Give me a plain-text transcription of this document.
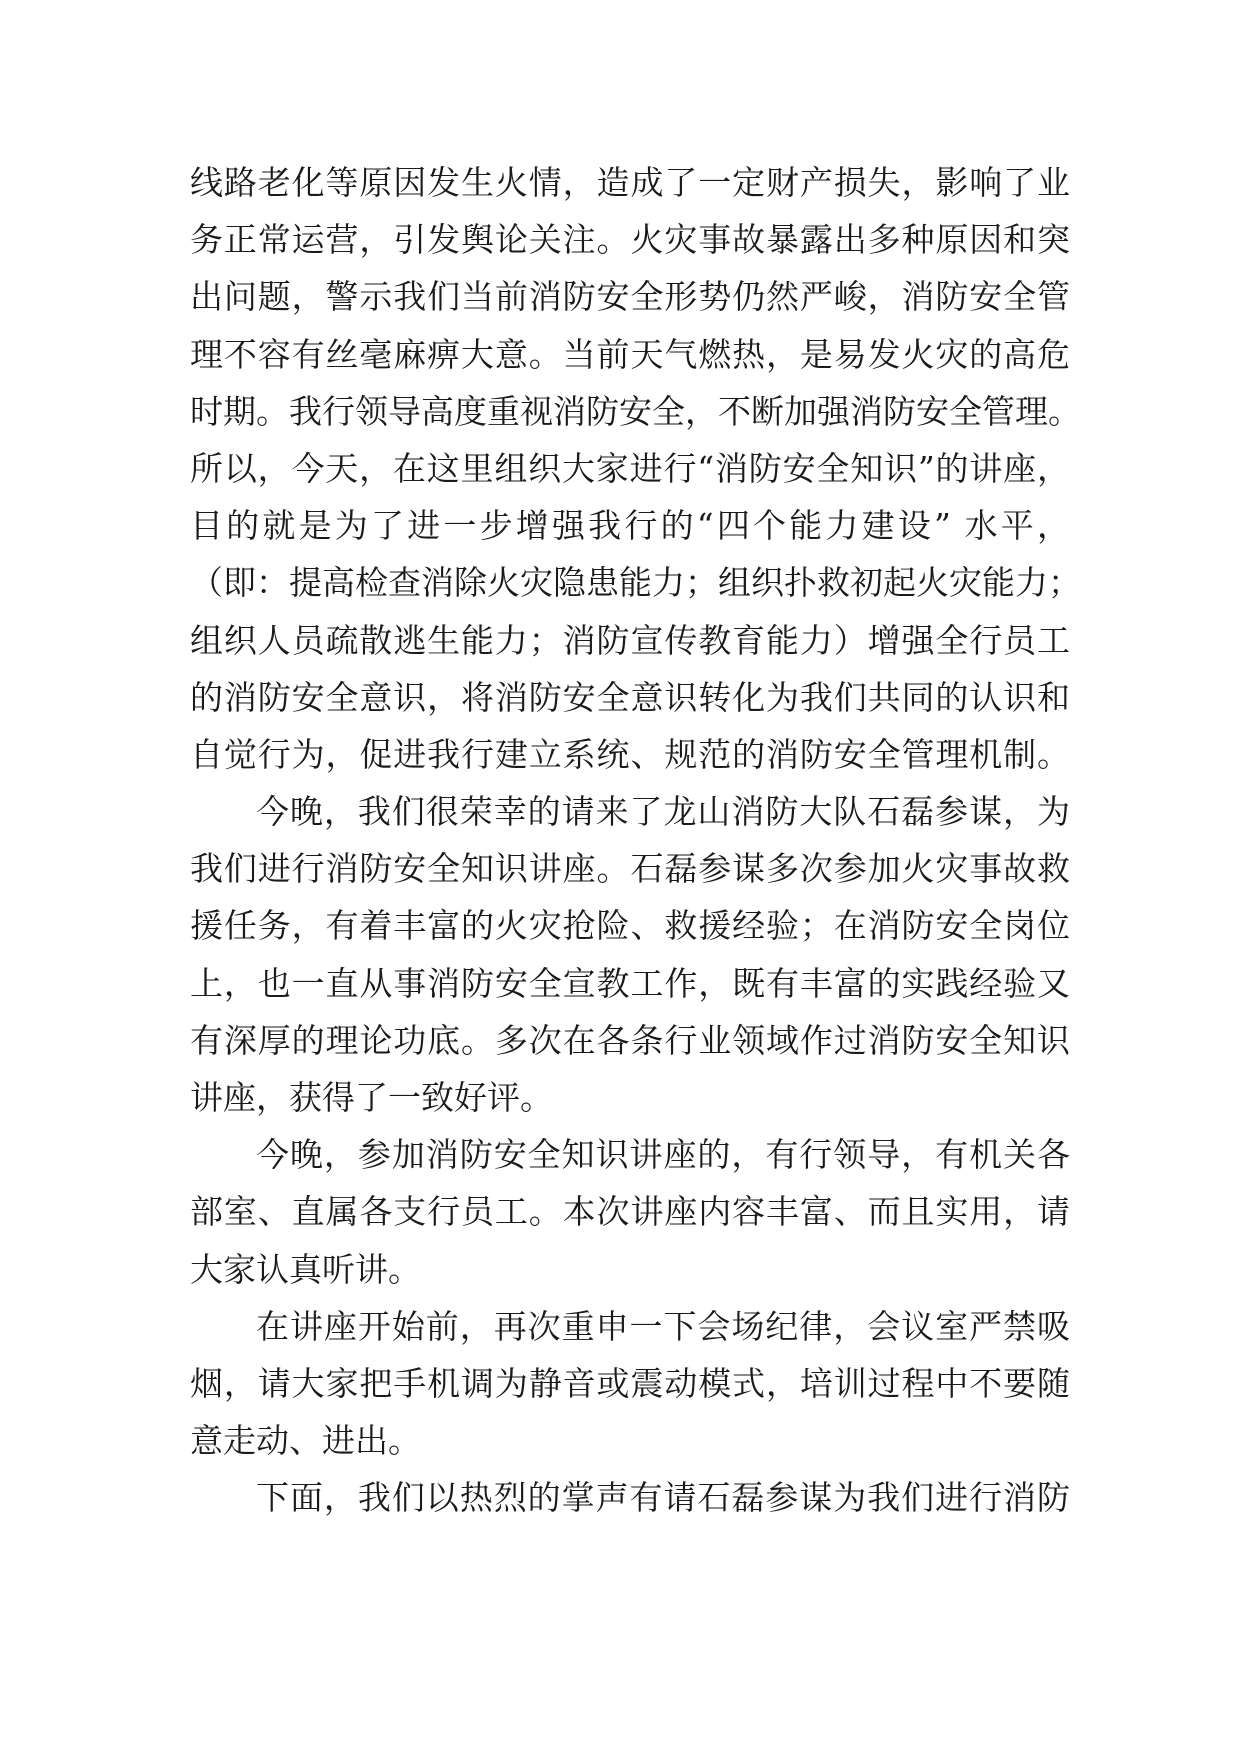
线路老化等原因发生火情，造成了一定财产损失，影响了业
务正常运营，引发舆论关注。火灾事故暴露出多种原因和突
出问题，警示我们当前消防安全形势仍然严峻，消防安全管
理不容有丝毫麻痹大意。当前天气燃热，是易发火灾的高危
时期。我行领导高度重视消防安全，不断加强消防安全管理。
所以，今天，在这里组织大家进行“消防安全知识”的讲座，
目的就是为了进一步增强我行的“四个能力建设” 水平，
（即：提高检查消除火灾隐患能力；组织扑救初起火灾能力；
组织人员疏散逃生能力；消防宣传教育能力）增强全行员工
的消防安全意识，将消防安全意识转化为我们共同的认识和
自觉行为，促进我行建立系统、规范的消防安全管理机制。
今晚，我们很荣幸的请来了龙山消防大队石磊参谋，为
我们进行消防安全知识讲座。石磊参谋多次参加火灾事故救
援任务，有着丰富的火灾抢险、救援经验；在消防安全岗位
上，也一直从事消防安全宣教工作，既有丰富的实践经验又
有深厚的理论功底。多次在各条行业领域作过消防安全知识
讲座，获得了一致好评。
今晚，参加消防安全知识讲座的，有行领导，有机关各
部室、直属各支行员工。本次讲座内容丰富、而且实用，请
大家认真听讲。
在讲座开始前，再次重申一下会场纪律，会议室严禁吸
烟，请大家把手机调为静音或震动模式，培训过程中不要随
意走动、进出。
下面，我们以热烈的掌声有请石磊参谋为我们进行消防
